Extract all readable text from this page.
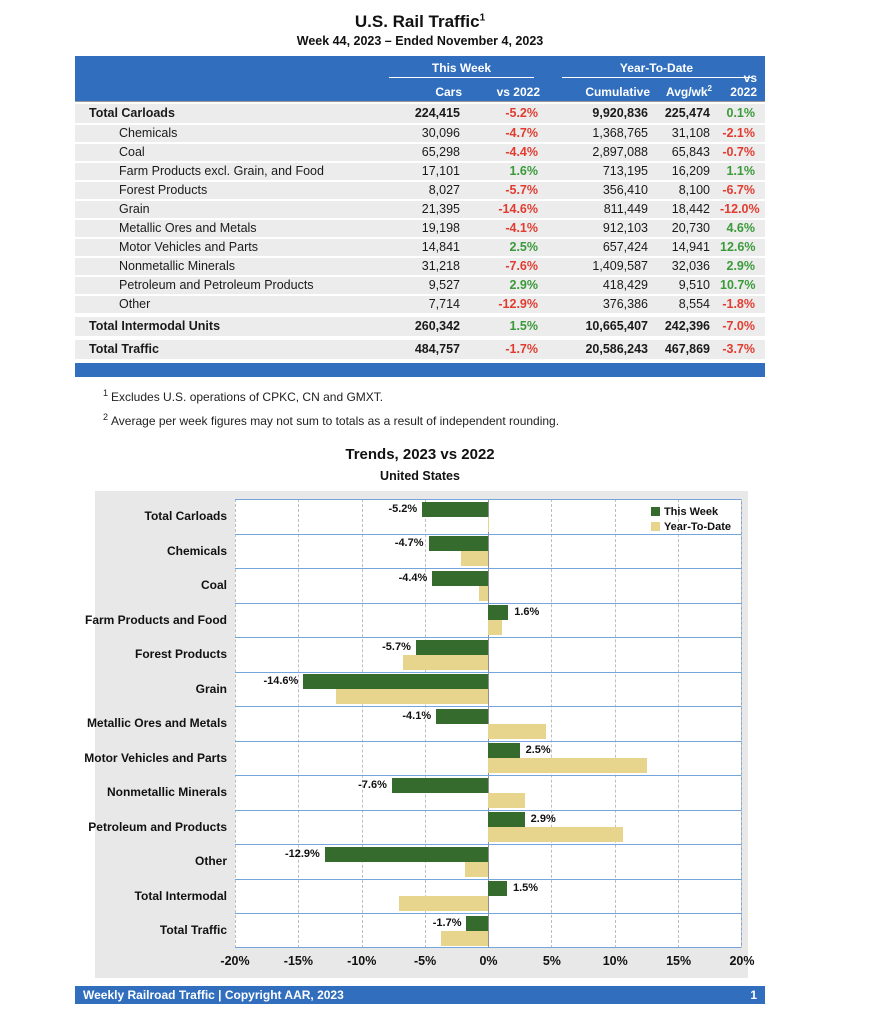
U.S. Rail Traffic$^1$
Week 44, 2023 – Ended November 4, 2023
This Week	Year-To-Date
Cars	vs 2022	Cumulative	Avg/$wk^2$
vs 2022
Total Carloads	224,415	-5.2%	9,920,836	225,474	0.1%
Chemicals	30,096	-4.7%	1,368,765	31,108 -2.1%
Coal	65,298	-4.4%	2,897,088	65,843 -0.7%
Farm Products excl. Grain, and Food	17,101	1.6%	713,195	16,209	1.1%
Forest Products	8,027	-5.7%	356,410	8,100 -6.7%
Grain	21,395	-14.6%	811,449	18,442 -12.0%
Metallic Ores and Metals	19,198	-4.1%	912,103	20,730	4.6%
Motor Vehicles and Parts	14,841	2.5%	657,424	14,941 12.6%
Nonmetallic Minerals	31,218	-7.6%	1,409,587	32,036	2.9%
Petroleum and Petroleum Products	9,527	2.9%	418,429	9,510 10.7%
Other	7,714	-12.9%	376,386	8,554 -1.8%
Total Intermodal Units	260,342	1.5%	10,665,407	242,396 -7.0%
Total Traffic	484,757	-1.7%	20,586,243	467,869 -3.7%
$^1$ Excludes U.S. operations of CPKC, CN and GMXT.
$^2$ Average per week figures may not sum to totals as a result of independent rounding.
Trends, 2023 vs 2022
United States
Total Carloads
Chemicals
Coal
Farm Products and Food
Forest Products
Grain
Metallic Ores and Metals
Motor Vehicles and Parts
Nonmetallic Minerals
Petroleum and Products
Other
Total Intermodal
Total Traffic
This Week
Year-To-Date
-5.2%
-4.7%
-4.4%
1.6%
-5.7%
-14.6%
-4.1%
2.5%
-7.6%
2.9%
-12.9%
1.5%
-1.7%
-20%	-15%	-10%	-5%	0%	5%	10%	15%	20%
Weekly Railroad Traffic | Copyright AAR, 2023	1
